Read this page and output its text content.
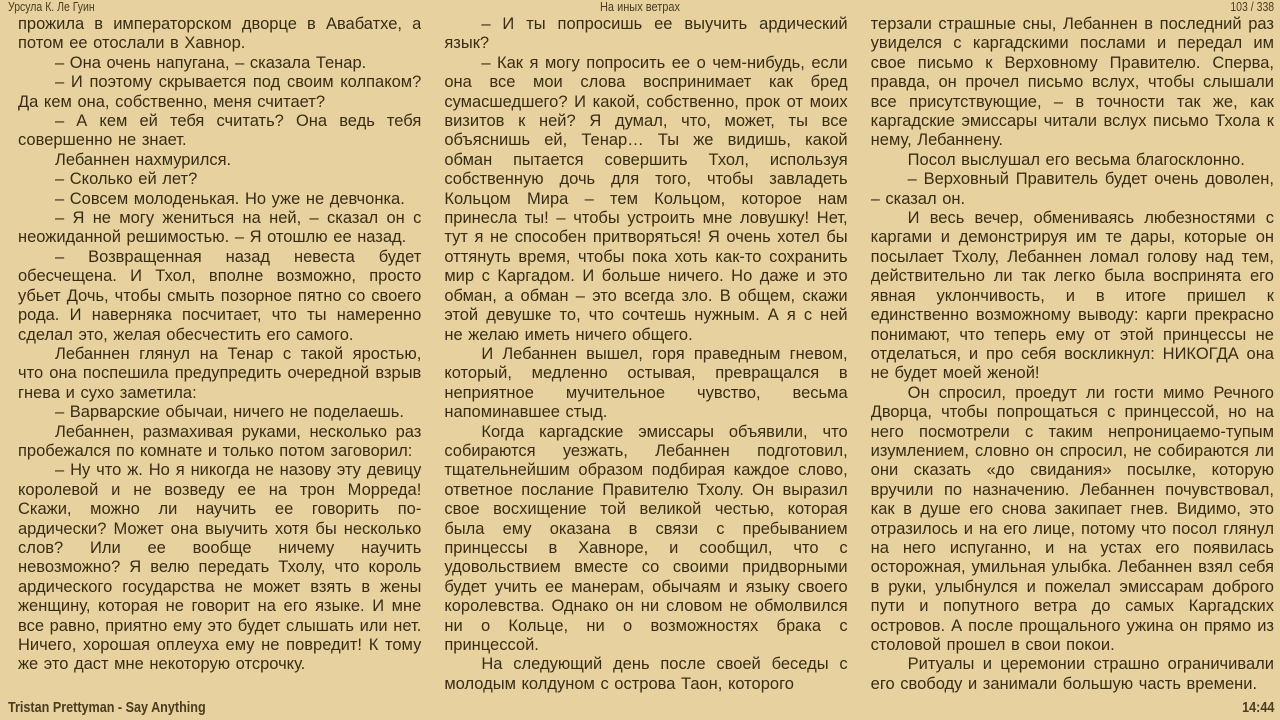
Урсула К. Ле Гуин	На иных ветрах	103 / 338

прожила в императорском дворце в Авабатхе, а потом ее отослали в Хавнор.

– Она очень напугана, – сказала Тенар.

– И поэтому скрывается под своим колпаком? Да кем она, собственно, меня считает?

– А кем ей тебя считать? Она ведь тебя совершенно не знает.

Лебаннен нахмурился.

– Сколько ей лет?

– Совсем молоденькая. Но уже не девчонка.

– Я не могу жениться на ней, – сказал он с неожиданной решимостью. – Я отошлю ее назад.

– Возвращенная назад невеста будет обесчещена. И Тхол, вполне возможно, просто убьет Дочь, чтобы смыть позорное пятно со своего рода. И наверняка посчитает, что ты намеренно сделал это, желая обесчестить его самого.

Лебаннен глянул на Тенар с такой яростью, что она поспешила предупредить очередной взрыв гнева и сухо заметила:

– Варварские обычаи, ничего не поделаешь.

Лебаннен, размахивая руками, несколько раз пробежался по комнате и только потом заговорил:

– Ну что ж. Но я никогда не назову эту девицу королевой и не возведу ее на трон Морреда! Скажи, можно ли научить ее говорить по-ардически? Может она выучить хотя бы несколько слов? Или ее вообще ничему научить невозможно? Я велю передать Тхолу, что король ардического государства не может взять в жены женщину, которая не говорит на его языке. И мне все равно, приятно ему это будет слышать или нет. Ничего, хорошая оплеуха ему не повредит! К тому же это даст мне некоторую отсрочку.

– И ты попросишь ее выучить ардический язык?

– Как я могу попросить ее о чем-нибудь, если она все мои слова воспринимает как бред сумасшедшего? И какой, собственно, прок от моих визитов к ней? Я думал, что, может, ты все объяснишь ей, Тенар… Ты же видишь, какой обман пытается совершить Тхол, используя собственную дочь для того, чтобы завладеть Кольцом Мира – тем Кольцом, которое нам принесла ты! – чтобы устроить мне ловушку! Нет, тут я не способен притворяться! Я очень хотел бы оттянуть время, чтобы пока хоть как-то сохранить мир с Каргадом. И больше ничего. Но даже и это обман, а обман – это всегда зло. В общем, скажи этой девушке то, что сочтешь нужным. А я с ней не желаю иметь ничего общего.

И Лебаннен вышел, горя праведным гневом, который, медленно остывая, превращался в неприятное мучительное чувство, весьма напоминавшее стыд.

Когда каргадские эмиссары объявили, что собираются уезжать, Лебаннен подготовил, тщательнейшим образом подбирая каждое слово, ответное послание Правителю Тхолу. Он выразил свое восхищение той великой честью, которая была ему оказана в связи с пребыванием принцессы в Хавноре, и сообщил, что с удовольствием вместе со своими придворными будет учить ее манерам, обычаям и языку своего королевства. Однако он ни словом не обмолвился ни о Кольце, ни о возможностях брака с принцессой.

На следующий день после своей беседы с молодым колдуном с острова Таон, которого

терзали страшные сны, Лебаннен в последний раз увиделся с каргадскими послами и передал им свое письмо к Верховному Правителю. Сперва, правда, он прочел письмо вслух, чтобы слышали все присутствующие, – в точности так же, как каргадские эмиссары читали вслух письмо Тхола к нему, Лебаннену.

Посол выслушал его весьма благосклонно.

– Верховный Правитель будет очень доволен, – сказал он.

И весь вечер, обмениваясь любезностями с каргами и демонстрируя им те дары, которые он посылает Тхолу, Лебаннен ломал голову над тем, действительно ли так легко была воспринята его явная уклончивость, и в итоге пришел к единственно возможному выводу: карги прекрасно понимают, что теперь ему от этой принцессы не отделаться, и про себя воскликнул: НИКОГДА она не будет моей женой!

Он спросил, проедут ли гости мимо Речного Дворца, чтобы попрощаться с принцессой, но на него посмотрели с таким непроницаемо-тупым изумлением, словно он спросил, не собираются ли они сказать «до свидания» посылке, которую вручили по назначению. Лебаннен почувствовал, как в душе его снова закипает гнев. Видимо, это отразилось и на его лице, потому что посол глянул на него испуганно, и на устах его появилась осторожная, умильная улыбка. Лебаннен взял себя в руки, улыбнулся и пожелал эмиссарам доброго пути и попутного ветра до самых Каргадских островов. А после прощального ужина он прямо из столовой прошел в свои покои.

Ритуалы и церемонии страшно ограничивали его свободу и занимали большую часть времени.

Tristan Prettyman - Say Anything	14:44
